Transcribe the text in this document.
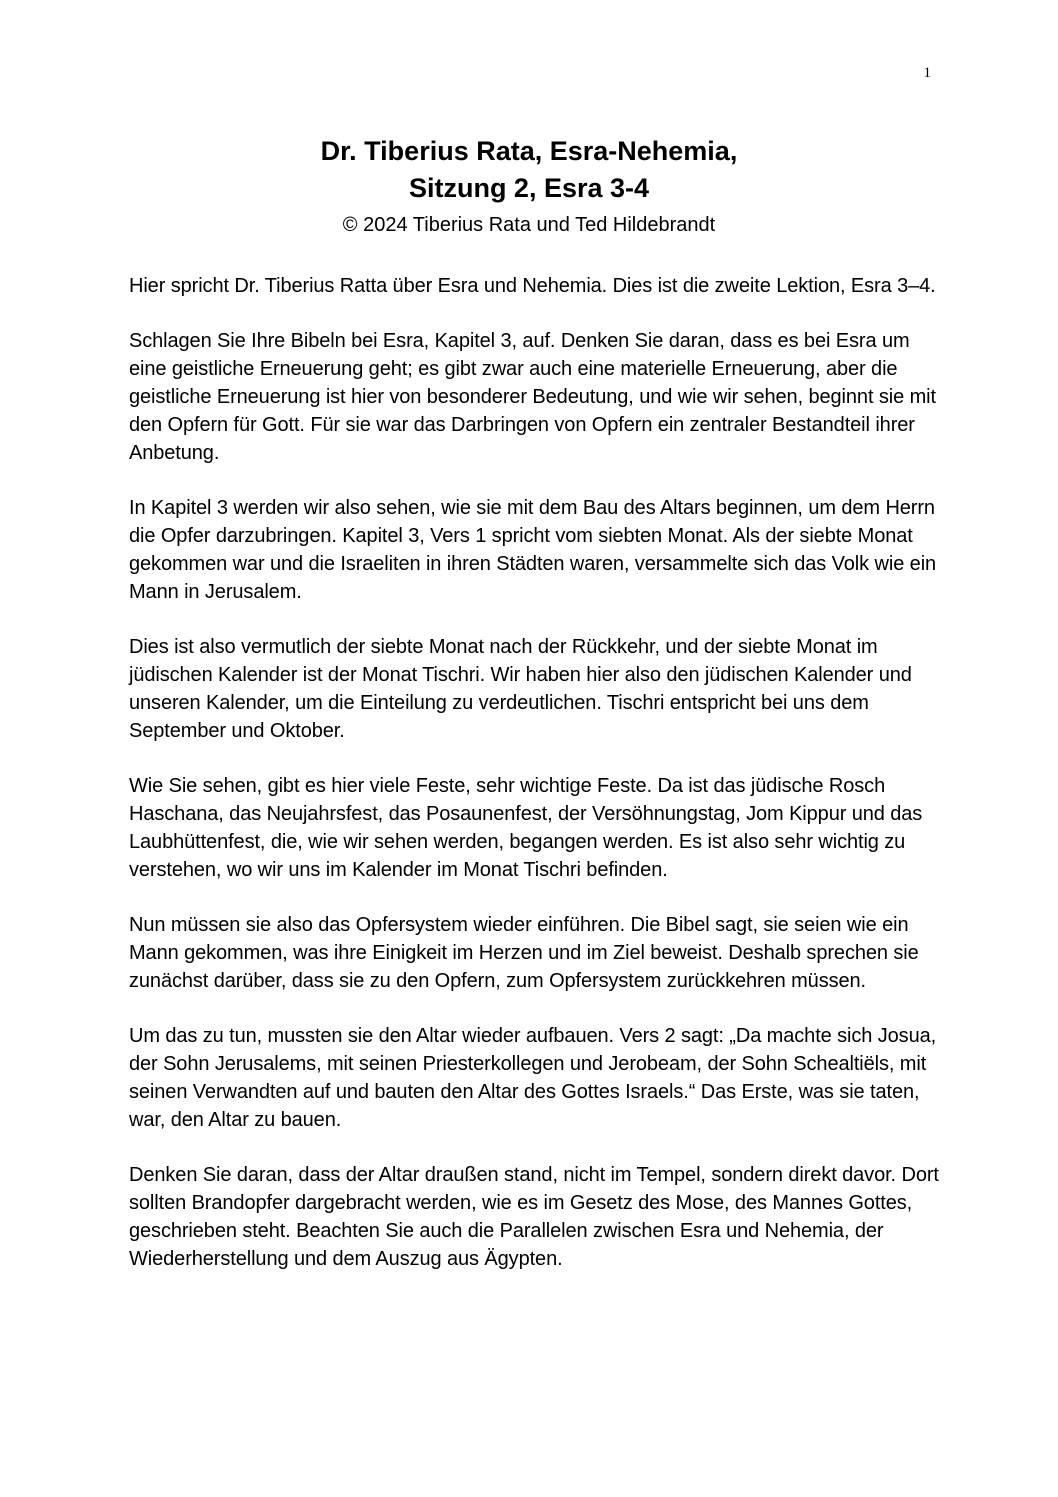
1
Dr. Tiberius Rata, Esra-Nehemia,
Sitzung 2, Esra 3-4
© 2024 Tiberius Rata und Ted Hildebrandt

Hier spricht Dr. Tiberius Ratta über Esra und Nehemia. Dies ist die zweite Lektion, Esra 3–4.

Schlagen Sie Ihre Bibeln bei Esra, Kapitel 3, auf. Denken Sie daran, dass es bei Esra um eine geistliche Erneuerung geht; es gibt zwar auch eine materielle Erneuerung, aber die geistliche Erneuerung ist hier von besonderer Bedeutung, und wie wir sehen, beginnt sie mit den Opfern für Gott. Für sie war das Darbringen von Opfern ein zentraler Bestandteil ihrer Anbetung.

In Kapitel 3 werden wir also sehen, wie sie mit dem Bau des Altars beginnen, um dem Herrn die Opfer darzubringen. Kapitel 3, Vers 1 spricht vom siebten Monat. Als der siebte Monat gekommen war und die Israeliten in ihren Städten waren, versammelte sich das Volk wie ein Mann in Jerusalem.

Dies ist also vermutlich der siebte Monat nach der Rückkehr, und der siebte Monat im jüdischen Kalender ist der Monat Tischri. Wir haben hier also den jüdischen Kalender und unseren Kalender, um die Einteilung zu verdeutlichen. Tischri entspricht bei uns dem September und Oktober.

Wie Sie sehen, gibt es hier viele Feste, sehr wichtige Feste. Da ist das jüdische Rosch Haschana, das Neujahrsfest, das Posaunenfest, der Versöhnungstag, Jom Kippur und das Laubhüttenfest, die, wie wir sehen werden, begangen werden. Es ist also sehr wichtig zu verstehen, wo wir uns im Kalender im Monat Tischri befinden.

Nun müssen sie also das Opfersystem wieder einführen. Die Bibel sagt, sie seien wie ein Mann gekommen, was ihre Einigkeit im Herzen und im Ziel beweist. Deshalb sprechen sie zunächst darüber, dass sie zu den Opfern, zum Opfersystem zurückkehren müssen.

Um das zu tun, mussten sie den Altar wieder aufbauen. Vers 2 sagt: „Da machte sich Josua, der Sohn Jerusalems, mit seinen Priesterkollegen und Jerobeam, der Sohn Schealtiëls, mit seinen Verwandten auf und bauten den Altar des Gottes Israels.“ Das Erste, was sie taten, war, den Altar zu bauen.

Denken Sie daran, dass der Altar draußen stand, nicht im Tempel, sondern direkt davor. Dort sollten Brandopfer dargebracht werden, wie es im Gesetz des Mose, des Mannes Gottes, geschrieben steht. Beachten Sie auch die Parallelen zwischen Esra und Nehemia, der Wiederherstellung und dem Auszug aus Ägypten.
